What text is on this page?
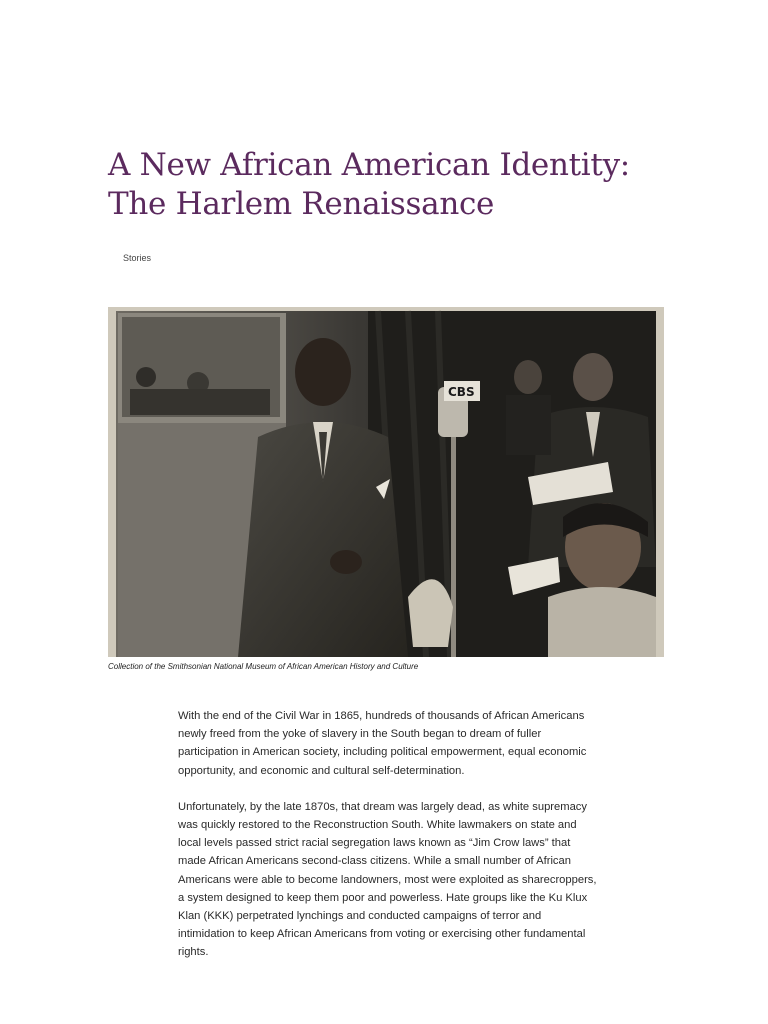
A New African American Identity:
The Harlem Renaissance
Stories
CBS
Collection of the Smithsonian National Museum of African American History and Culture

With the end of the Civil War in 1865, hundreds of thousands of African Americans newly freed from the yoke of slavery in the South began to dream of fuller participation in American society, including political empowerment, equal economic opportunity, and economic and cultural self-determination.

Unfortunately, by the late 1870s, that dream was largely dead, as white supremacy was quickly restored to the Reconstruction South. White lawmakers on state and local levels passed strict racial segregation laws known as “Jim Crow laws” that made African Americans second-class citizens. While a small number of African Americans were able to become landowners, most were exploited as sharecroppers, a system designed to keep them poor and powerless. Hate groups like the Ku Klux Klan (KKK) perpetrated lynchings and conducted campaigns of terror and intimidation to keep African Americans from voting or exercising other fundamental rights.
